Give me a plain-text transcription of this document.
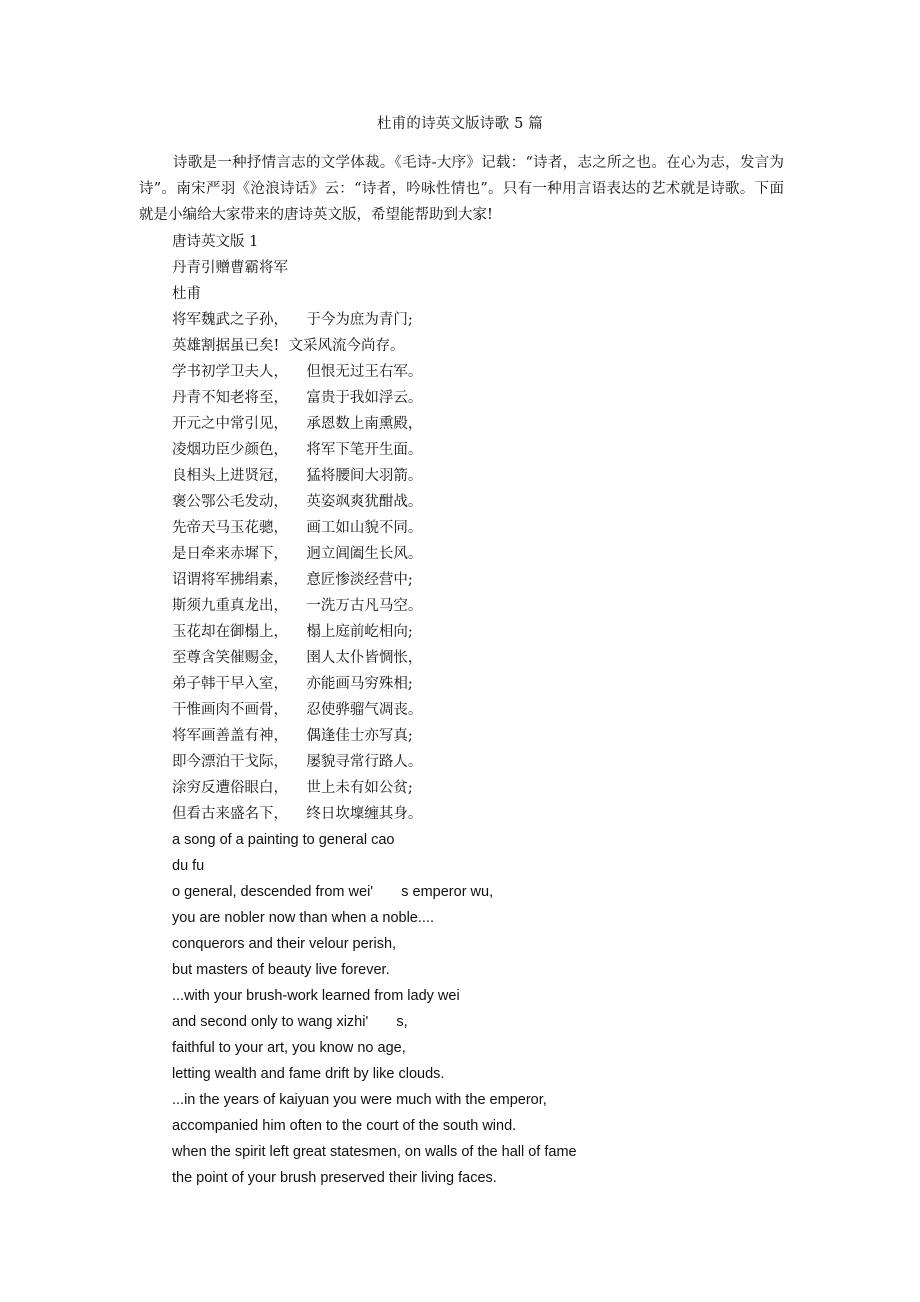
杜甫的诗英文版诗歌 5 篇

诗歌是一种抒情言志的文学体裁。《毛诗-大序》记载：“诗者，志之所之也。在心为志，发言为诗”。南宋严羽《沧浪诗话》云：“诗者，吟咏性情也”。只有一种用言语表达的艺术就是诗歌。下面就是小编给大家带来的唐诗英文版，希望能帮助到大家!

唐诗英文版 1
丹青引赠曹霸将军
杜甫
将军魏武之子孙，    于今为庶为青门;
英雄割据虽已矣!  文采风流今尚存。
学书初学卫夫人，    但恨无过王右军。
丹青不知老将至，    富贵于我如浮云。
开元之中常引见，    承恩数上南熏殿，
凌烟功臣少颜色，    将军下笔开生面。
良相头上进贤冠，    猛将腰间大羽箭。
褒公鄂公毛发动，    英姿飒爽犹酣战。
先帝天马玉花骢，    画工如山貌不同。
是日牵来赤墀下，    迥立阊阖生长风。
诏谓将军拂绢素，    意匠惨淡经营中;
斯须九重真龙出，    一洗万古凡马空。
玉花却在御榻上，    榻上庭前屹相向;
至尊含笑催赐金，    圉人太仆皆惆怅，
弟子韩干早入室，    亦能画马穷殊相;
干惟画肉不画骨，    忍使骅骝气凋丧。
将军画善盖有神，    偶逢佳士亦写真;
即今漂泊干戈际，    屡貌寻常行路人。
涂穷反遭俗眼白，    世上未有如公贫;
但看古来盛名下，    终日坎壈缠其身。
a song of a painting to general cao
du fu
o general, descended from wei'       s emperor wu,
you are nobler now than when a noble....
conquerors and their velour perish,
but masters of beauty live forever.
...with your brush-work learned from lady wei
and second only to wang xizhi'       s,
faithful to your art, you know no age,
letting wealth and fame drift by like clouds.
...in the years of kaiyuan you were much with the emperor,
accompanied him often to the court of the south wind.
when the spirit left great statesmen, on walls of the hall of fame
the point of your brush preserved their living faces.
